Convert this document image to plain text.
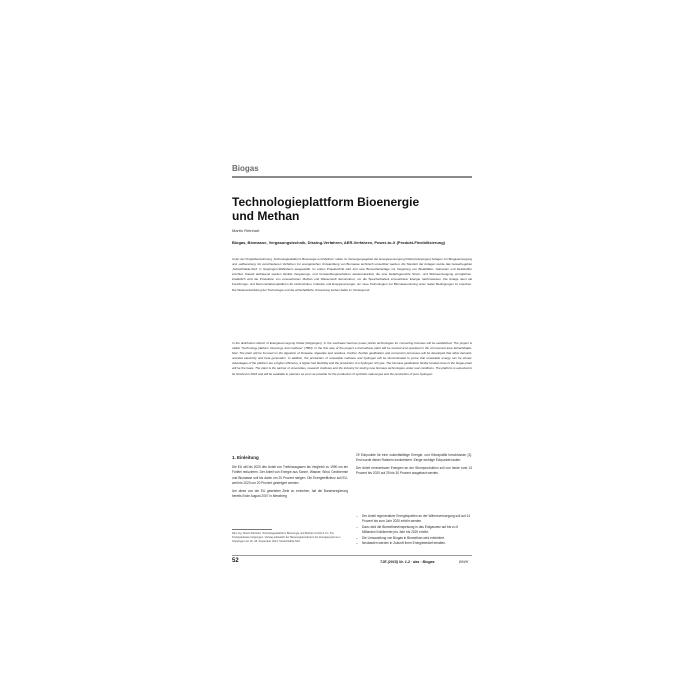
Biogas
Technologieplattform Bioenergie
und Methan
Martin Reinhart
Biogas, Biomasse, Vergasungstechnik, Dissing-Verfahren, AER-Verfahren, Power-to-X (Produkt-Flexibilisierung)
Unter der Projektbezeichnung „Technologieplattform Bioenergie und Methan“ sollen im Versorgungsgebiet der Energieversorgung Filstal (Göppingen) Anlagen zur Biogaserzeugung und -aufbereitung mit verschiedenen Verfahren zur energetischen Umwandlung von Biomasse technisch umsetzbar werden. Als Standort der Anlagen wurde das Gewerbegebiet „Schachhalde-Süd“ in Göppingen-Wahlsheim ausgewählt. Im ersten Projektschritt wird dort eine Biomethananlage zur Vergärung von Bioabfällen, Gärresten und Reststoffen errichtet. Darauf aufbauend werden flexible Vergasungs- und Umwandlungsverfahren weiterentwickelt, die eine bedarfsgerechte Strom- und Wärmeerzeugung ermöglichen. Zusätzlich wird die Produktion von erneuerbarem Methan und Wasserstoff demonstriert, um die Speicherbarkeit erneuerbarer Energie nachzuweisen. Die Anlage dient als Forschungs- und Demonstrationsplattform für Hochschulen, Industrie und Energieversorger, um neue Technologien zur Biomassenutzung unter realen Bedingungen zu erproben. Die Weiterentwicklung der Technologie und die wirtschaftliche Umsetzung stehen dabei im Vordergrund.
In the distribution district of Energieversorgung Filstal (Göppingen), in the southeast German power plants technologies for converting biomass will be established. The project is called “Technology platform bioenergy and methane” (TBM). In the first step of the project a biomethane plant will be erected and operated in the commercial area Schachhalde-Süd. The plant will be focused on the digestion of biowaste, digestate and residues. Further, flexible gasification and conversion processes will be developed that allow demand-oriented electricity and heat generation. In addition, the production of renewable methane and hydrogen will be demonstrated to prove that renewable energy can be stored. Advantages of the platform are a higher efficiency, a higher fuel flexibility and the production of a hydrogen rich gas. The biomass gasification facility located close to the biogas plant will be the basis. The plant is the partner of universities, research institutes and the industry for testing new biomass technologies under real conditions. The platform is expected to be finished in 2016 and will be available to partners as soon as possible for the production of synthetic natural gas and the production of pure hydrogen.
1. Einleitung

Die EU will bis 2020 den Anteil von Treibhausgasen bis Vergleich zu 1990 um ein Fünftel reduzieren. Der Anteil von Energie aus Sonne, Wasser, Wind, Geothermie und Biomasse soll bis dahin um 20 Prozent steigen. Die Energieeffizienz soll EU-weit bis 2020 um 20 Prozent gesteigert werden.

Um diese von der EU gesetzten Ziele zu erreichen, hat die Bundesregierung bereits Ende August 2007 in Meseberg

29 Eckpunkte für eine zukünftsfähige Energie- und Klimapolitik beschlossen [1]. Erst wurde dieser Rahmen konkretisiert. Einige wichtige Eckpunkte lauten:

Der Anteil erneuerbarer Energien an der Stromproduktion soll von heute rund 13 Prozent bis 2020 auf 25 bis 30 Prozent ausgebaut werden.

– Der Anteil regenerativer Energiequellen an der Wärmeversorgung soll auf 14 Prozent bis zum Jahr 2020 erhöht werden.
– Dazu wird die Biomethaneinspeisung in das Erdgasnetz auf bis zu 6 Milliarden Kubikmeter pro Jahr bis 2020 erhöht.
– Die Umwandlung von Biogas in Biomethan wird erleichtert.
– Neubauten werden in Zukunft ihren Energiebedarf erhalten.
Dipl.-Ing. Martin Reinhart, Technologieplattform Bioenergie und Methan GmbH & Co. KG, Kreissparkasse Göppingen. Vortrag anlässlich der Bioenergiekonferenz der Energiesysteme in Göppingen am 16.-18. September 2014, Schachhalde-Süd.
52	TJE (2015) Nr. 1-2 · das · Biogas	BWK
